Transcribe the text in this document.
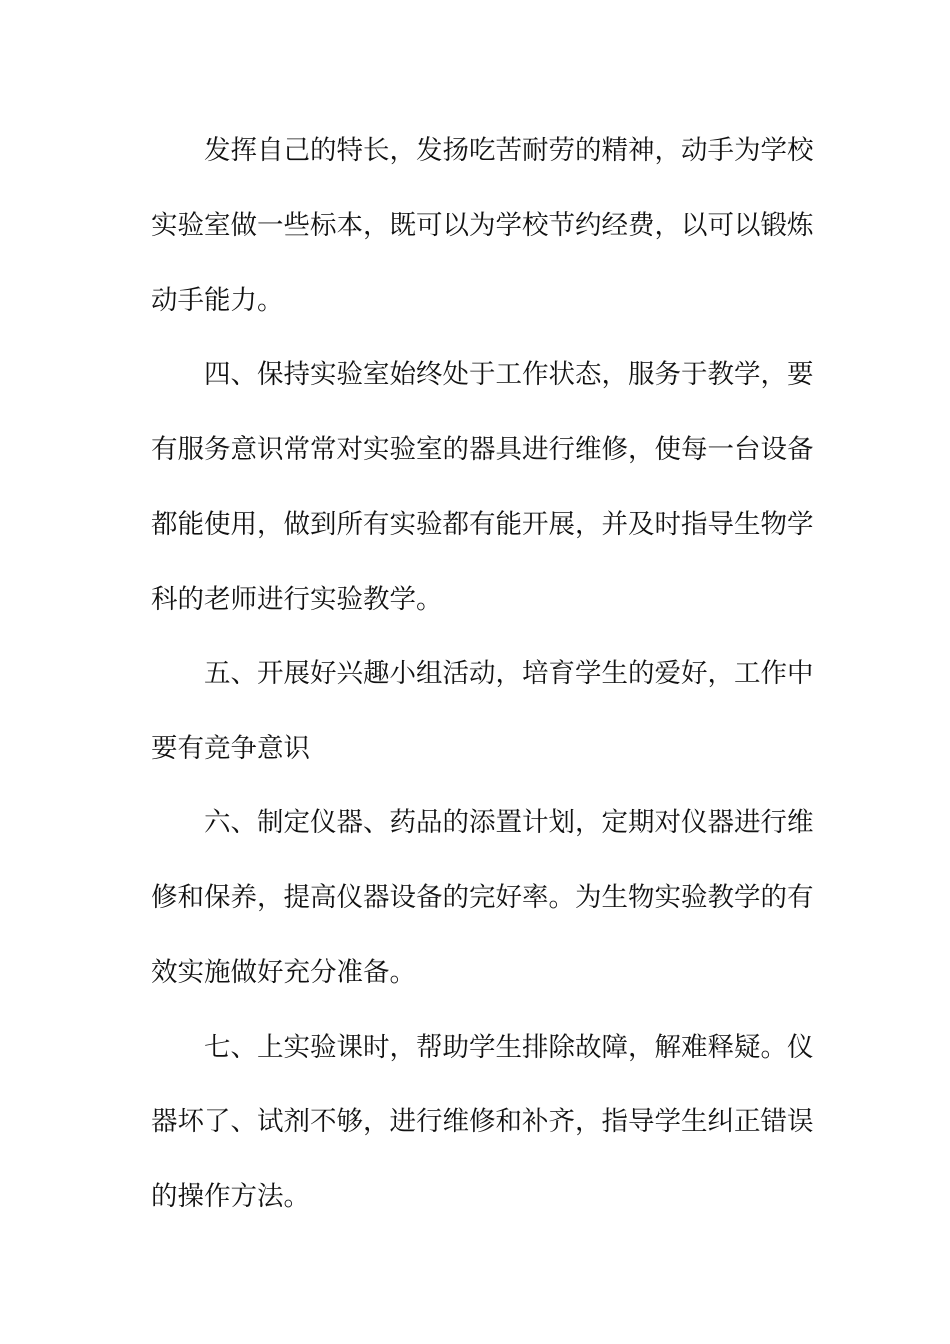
发挥自己的特长，发扬吃苦耐劳的精神，动手为学校
实验室做一些标本，既可以为学校节约经费，以可以锻炼
动手能力。
四、保持实验室始终处于工作状态，服务于教学，要
有服务意识常常对实验室的器具进行维修，使每一台设备
都能使用，做到所有实验都有能开展，并及时指导生物学
科的老师进行实验教学。
五、开展好兴趣小组活动，培育学生的爱好，工作中
要有竞争意识
六、制定仪器、药品的添置计划，定期对仪器进行维
修和保养，提高仪器设备的完好率。为生物实验教学的有
效实施做好充分准备。
七、上实验课时，帮助学生排除故障，解难释疑。仪
器坏了、试剂不够，进行维修和补齐，指导学生纠正错误
的操作方法。
